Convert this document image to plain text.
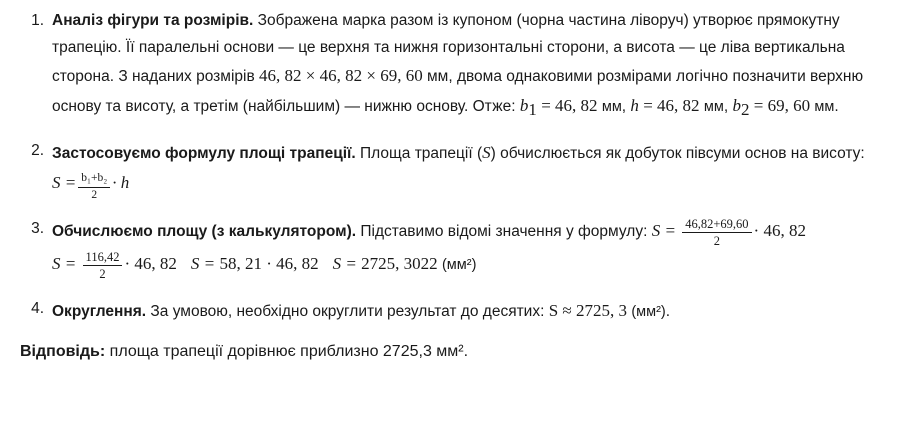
Аналіз фігури та розмірів. Зображена марка разом із купоном (чорна частина ліворуч) утворює прямокутну трапецію. Її паралельні основи — це верхня та нижня горизонтальні сторони, а висота — це ліва вертикальна сторона. З наданих розмірів 46, 82 × 46, 82 × 69, 60 мм, двома однаковими розмірами логічно позначити верхню основу та висоту, а третім (найбільшим) — нижню основу. Отже: $b_1 = 46$, 82 мм, h = 46, 82 мм, $b_2 = 69$, 60 мм.
Застосовуємо формулу площі трапеції. Площа трапеції (S) обчислюється як добуток півсуми основ на висоту: $S = \frac{\text{b₁+b₂}}{2} \cdot h$
Обчислюємо площу (з калькулятором). Підставимо відомі значення у формулу: $S = \frac{46,82+69,60}{2} \cdot 46$, $82S = \frac{116,42}{2} \cdot 46$, 82 S = 58, 21 · 46, 82 S = 2725, 3022 (мм²)
Округлення. За умовою, необхідно округлити результат до десятих: S ≈ 2725, 3 (мм²).
Відповідь: площа трапеції дорівнює приблизно 2725,3 мм².
